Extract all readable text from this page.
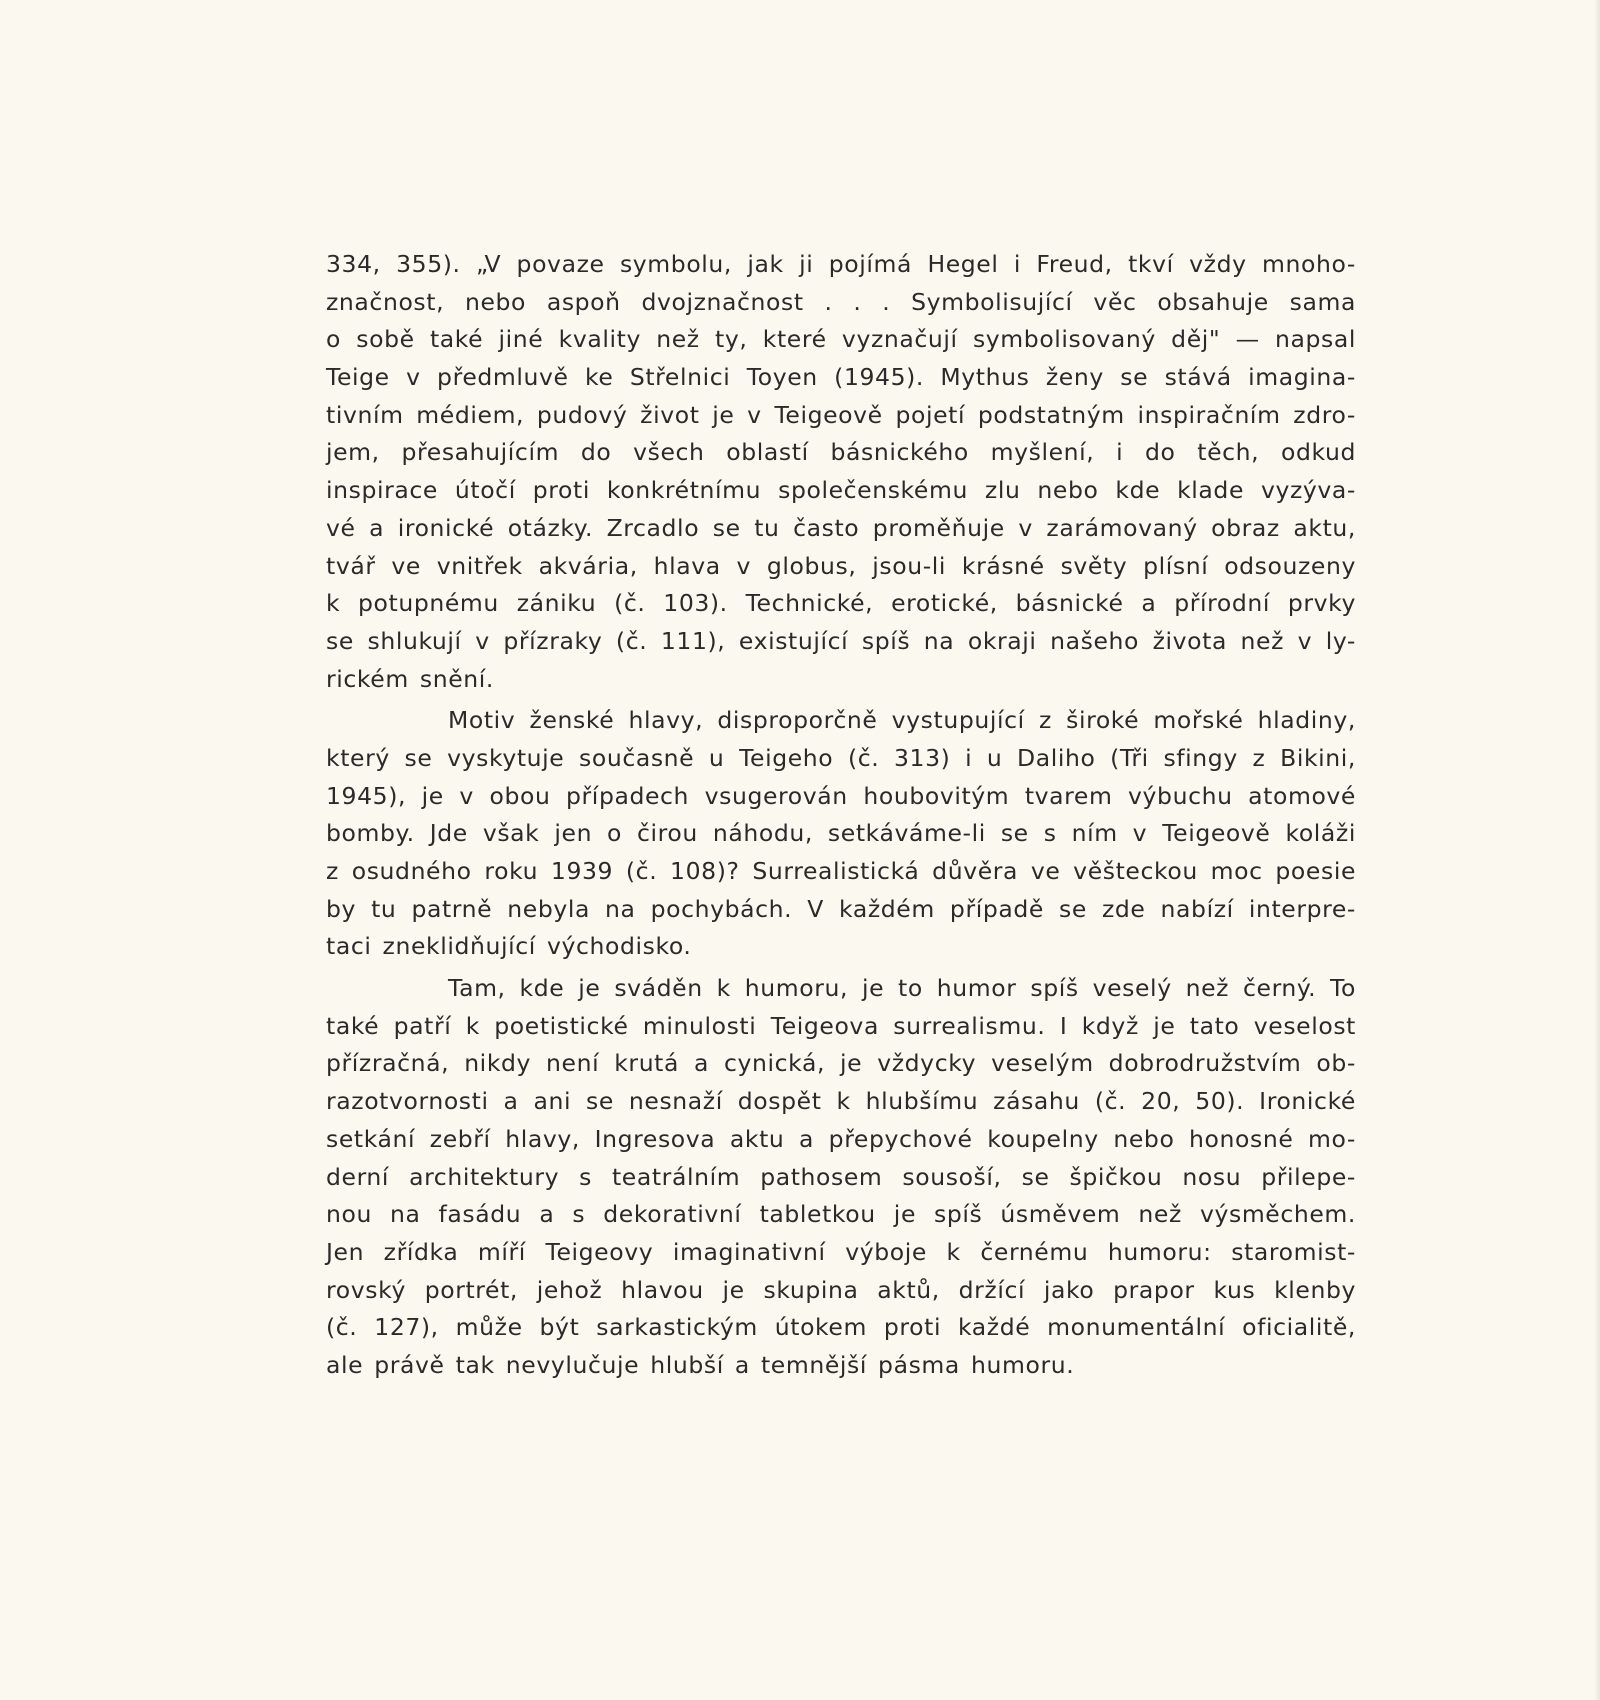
334, 355). „V povaze symbolu, jak ji pojímá Hegel i Freud, tkví vždy mnoho-
značnost, nebo aspoň dvojznačnost . . . Symbolisující věc obsahuje sama
o sobě také jiné kvality než ty, které vyznačují symbolisovaný děj" — napsal
Teige v předmluvě ke Střelnici Toyen (1945). Mythus ženy se stává imagina-
tivním médiem, pudový život je v Teigeově pojetí podstatným inspiračním zdro-
jem, přesahujícím do všech oblastí básnického myšlení, i do těch, odkud
inspirace útočí proti konkrétnímu společenskému zlu nebo kde klade vyzýva-
vé a ironické otázky. Zrcadlo se tu často proměňuje v zarámovaný obraz aktu,
tvář ve vnitřek akvária, hlava v globus, jsou-li krásné světy plísní odsouzeny
k potupnému zániku (č. 103). Technické, erotické, básnické a přírodní prvky
se shlukují v přízraky (č. 111), existující spíš na okraji našeho života než v ly-
rickém snění.
Motiv ženské hlavy, disproporčně vystupující z široké mořské hladiny,
který se vyskytuje současně u Teigeho (č. 313) i u Daliho (Tři sfingy z Bikini,
1945), je v obou případech vsugerován houbovitým tvarem výbuchu atomové
bomby. Jde však jen o čirou náhodu, setkáváme-li se s ním v Teigeově koláži
z osudného roku 1939 (č. 108)? Surrealistická důvěra ve věšteckou moc poesie
by tu patrně nebyla na pochybách. V každém případě se zde nabízí interpre-
taci zneklidňující východisko.
Tam, kde je sváděn k humoru, je to humor spíš veselý než černý. To
také patří k poetistické minulosti Teigeova surrealismu. I když je tato veselost
přízračná, nikdy není krutá a cynická, je vždycky veselým dobrodružstvím ob-
razotvornosti a ani se nesnaží dospět k hlubšímu zásahu (č. 20, 50). Ironické
setkání zebří hlavy, Ingresova aktu a přepychové koupelny nebo honosné mo-
derní architektury s teatrálním pathosem sousoší, se špičkou nosu přilepe-
nou na fasádu a s dekorativní tabletkou je spíš úsměvem než výsměchem.
Jen zřídka míří Teigeovy imaginativní výboje k černému humoru: staromist-
rovský portrét, jehož hlavou je skupina aktů, držící jako prapor kus klenby
(č. 127), může být sarkastickým útokem proti každé monumentální oficialitě,
ale právě tak nevylučuje hlubší a temnější pásma humoru.
